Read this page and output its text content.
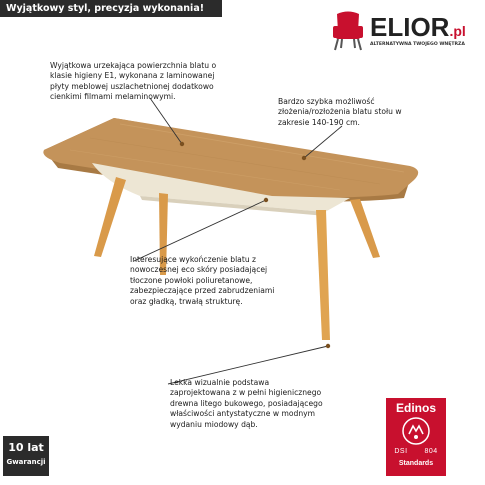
Wyjątkowy styl, precyzja wykonania!
ELIOR.pl
ALTERNATYWNA TWOJEGO WNĘTRZA
Wyjątkowa urzekająca powierzchnia blatu o
klasie higieny E1, wykonana z laminowanej
płyty meblowej uszlachetnionej dodatkowo
cienkimi filmami melaminowymi.
Bardzo szybka możliwość
złożenia/rozłożenia blatu stołu w
zakresie 140-190 cm.
Interesujące wykończenie blatu z
nowoczesnej eco skóry posiadającej
tłoczone powłoki poliuretanowe,
zabezpieczające przed zabrudzeniami
oraz gładką, trwałą strukturę.
Lekka wizualnie podstawa
zaprojektowana z w pełni higienicznego
drewna litego bukowego, posiadającego
właściwości antystatyczne w modnym
wydaniu miodowy dąb.
10 lat
Gwarancji
Edinos
DSI 804
Standards
